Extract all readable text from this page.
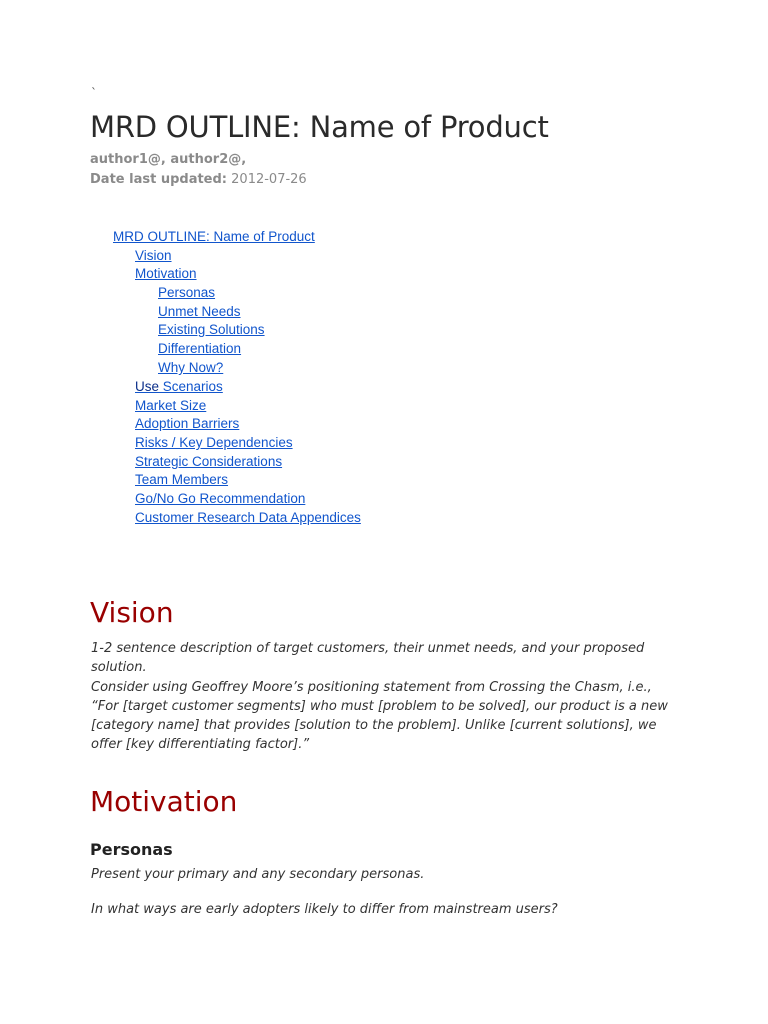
`
MRD OUTLINE: Name of Product
author1@, author2@,
Date last updated: 2012-07-26
MRD OUTLINE: Name of Product
Vision
Motivation
Personas
Unmet Needs
Existing Solutions
Differentiation
Why Now?
Use Scenarios
Market Size
Adoption Barriers
Risks / Key Dependencies
Strategic Considerations
Team Members
Go/No Go Recommendation
Customer Research Data Appendices
Vision

1-2 sentence description of target customers, their unmet needs, and your proposed solution.

Consider using Geoffrey Moore’s positioning statement from Crossing the Chasm, i.e., “For [target customer segments] who must [problem to be solved], our product is a new [category name] that provides [solution to the problem]. Unlike [current solutions], we offer [key differentiating factor].”

Motivation
Personas

Present your primary and any secondary personas.

In what ways are early adopters likely to differ from mainstream users?
